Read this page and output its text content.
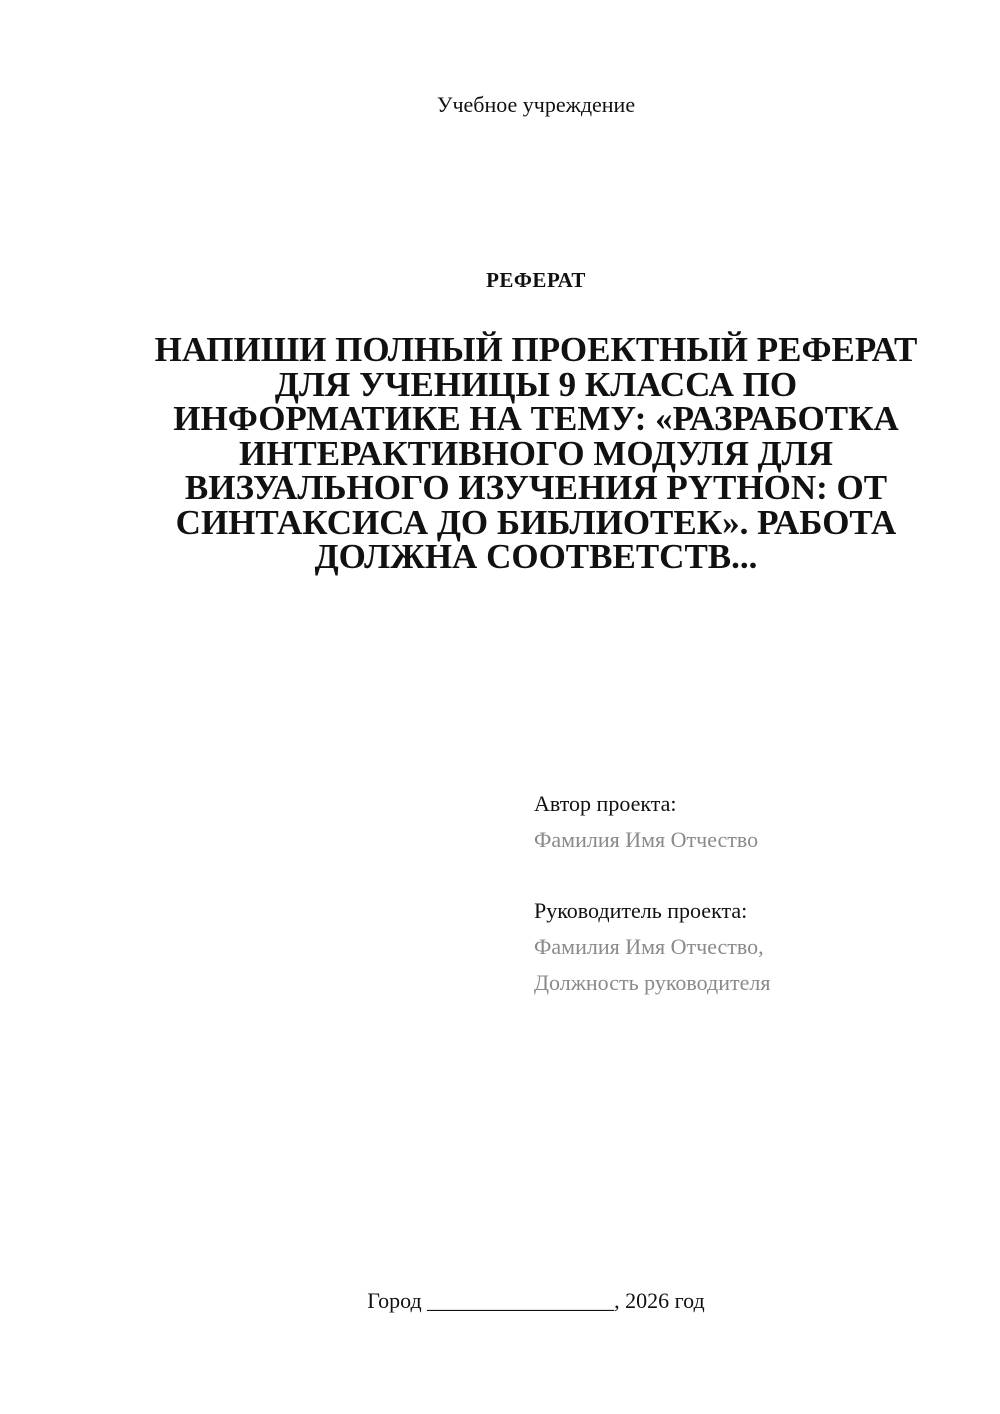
Учебное учреждение
РЕФЕРАТ
НАПИШИ ПОЛНЫЙ ПРОЕКТНЫЙ РЕФЕРАТ ДЛЯ УЧЕНИЦЫ 9 КЛАССА ПО ИНФОРМАТИКЕ НА ТЕМУ: «РАЗРАБОТКА ИНТЕРАКТИВНОГО МОДУЛЯ ДЛЯ ВИЗУАЛЬНОГО ИЗУЧЕНИЯ PYTHON: ОТ СИНТАКСИСА ДО БИБЛИОТЕК». РАБОТА ДОЛЖНА СООТВЕТСТВ...
Автор проекта:
Фамилия Имя Отчество
Руководитель проекта:
Фамилия Имя Отчество,
Должность руководителя
Город _________________, 2026 год
